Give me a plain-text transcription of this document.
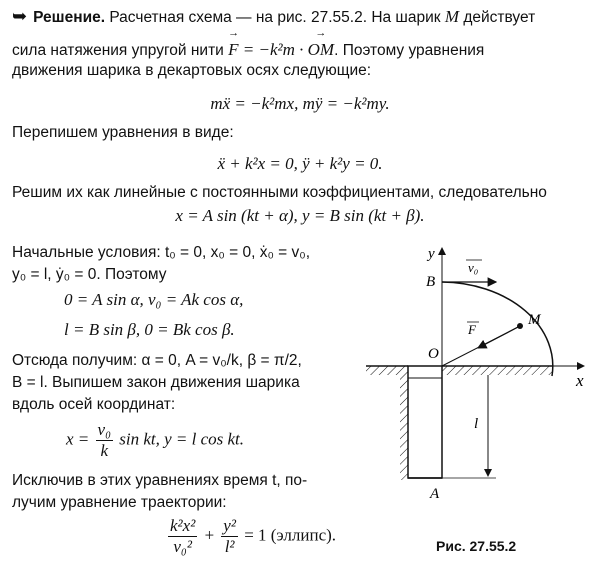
➥ Решение. Расчетная схема — на рис. 27.55.2. На шарик M действует
сила натяжения упругой нити → F = −k²m · → OM. Поэтому уравнения
движения шарика в декартовых осях следующие:
mẍ = −k²mx, mÿ = −k²my.
Перепишем уравнения в виде:
ẍ + k²x = 0, ÿ + k²y = 0.
Решим их как линейные с постоянными коэффициентами, следовательно
x = A sin (kt + α), y = B sin (kt + β).
Начальные условия: t₀ = 0, x₀ = 0, ẋ₀ = v₀,
y₀ = l, ẏ₀ = 0. Поэтому
0 = A sin α, v₀ = Ak cos α,
l = B sin β, 0 = Bk cos β.
Отсюда получим: α = 0, A = v₀/k, β = π/2,
B = l. Выпишем закон движения шарика
вдоль осей координат:
$x = \frac{\text{v₀}}{k}$ sin kt, y = l cos kt.
Исключив в этих уравнениях время t, по-
лучим уравнение траектории:
$\frac{\text{k²x²}}{\text{v₀²}} + \frac{\text{y²}}{\text{l²}} = 1$ (эллипс).
x
y
l
A
O
B
v₀
F
M
Рис. 27.55.2
